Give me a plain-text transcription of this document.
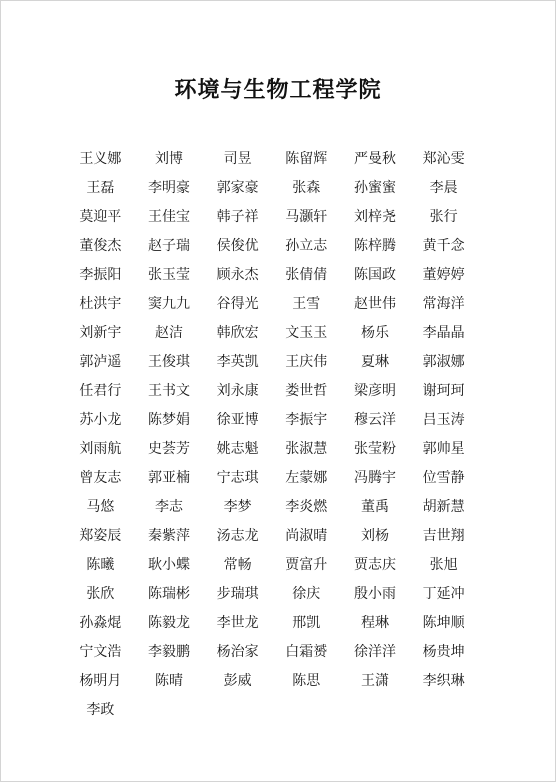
环境与生物工程学院
王义娜	刘博	司昱	陈留辉	严曼秋	郑沁雯
王磊	李明豪	郭家豪	张森	孙蜜蜜	李晨
莫迎平	王佳宝	韩子祥	马灏轩	刘梓尧	张行
董俊杰	赵子瑞	侯俊优	孙立志	陈梓腾	黄千念
李振阳	张玉莹	顾永杰	张倩倩	陈国政	董婷婷
杜洪宇	窦九九	谷得光	王雪	赵世伟	常海洋
刘新宇	赵洁	韩欣宏	文玉玉	杨乐	李晶晶
郭泸遥	王俊琪	李英凯	王庆伟	夏琳	郭淑娜
任君行	王书文	刘永康	娄世哲	梁彦明	谢珂珂
苏小龙	陈梦娟	徐亚博	李振宇	穆云洋	吕玉涛
刘雨航	史荟芳	姚志魁	张淑慧	张莹粉	郭帅星
曾友志	郭亚楠	宁志琪	左蒙娜	冯腾宇	位雪静
马悠	李志	李梦	李炎燃	董禹	胡新慧
郑姿辰	秦紫萍	汤志龙	尚淑晴	刘杨	吉世翔
陈曦	耿小蝶	常畅	贾富升	贾志庆	张旭
张欣	陈瑞彬	步瑞琪	徐庆	殷小雨	丁延冲
孙淼焜	陈毅龙	李世龙	邢凯	程琳	陈坤顺
宁文浩	李毅鹏	杨治家	白霜赟	徐洋洋	杨贵坤
杨明月	陈晴	彭威	陈思	王潇	李织琳
李政
